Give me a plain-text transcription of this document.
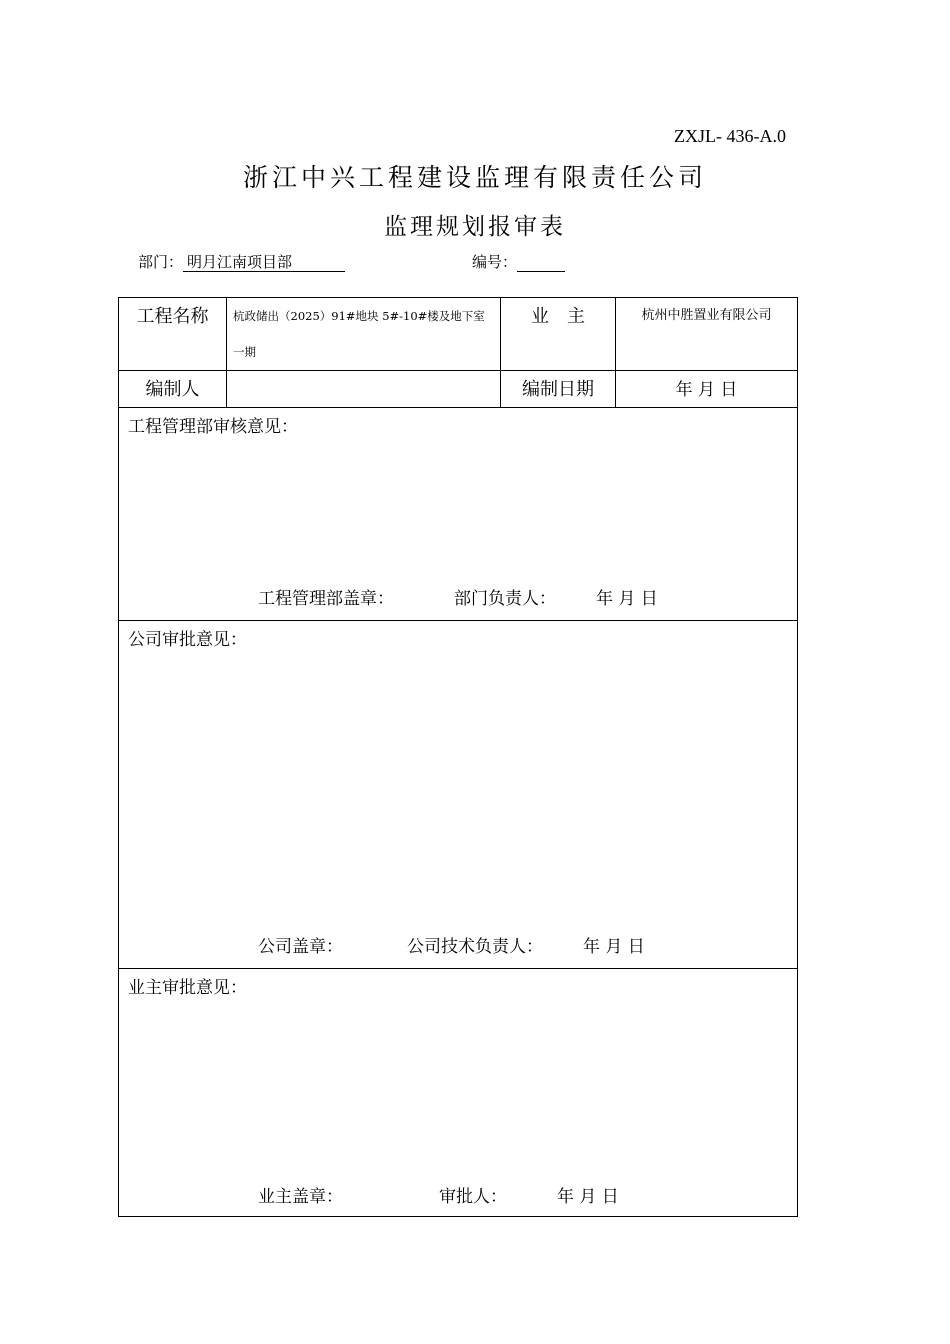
ZXJL- 436-A.0
浙江中兴工程建设监理有限责任公司
监理规划报审表
部门： 明月江南项目部	编号：
工程名称	杭政储出（2025）91#地块 5#-10#楼及地下室一期	业　主	杭州中胜置业有限公司
编制人		编制日期	年 月 日

工程管理部审核意见：
工程管理部盖章： 部门负责人： 年 月 日			

公司审批意见：
公司盖章： 公司技术负责人： 年 月 日			

业主审批意见：
业主盖章： 审批人： 年 月 日			
